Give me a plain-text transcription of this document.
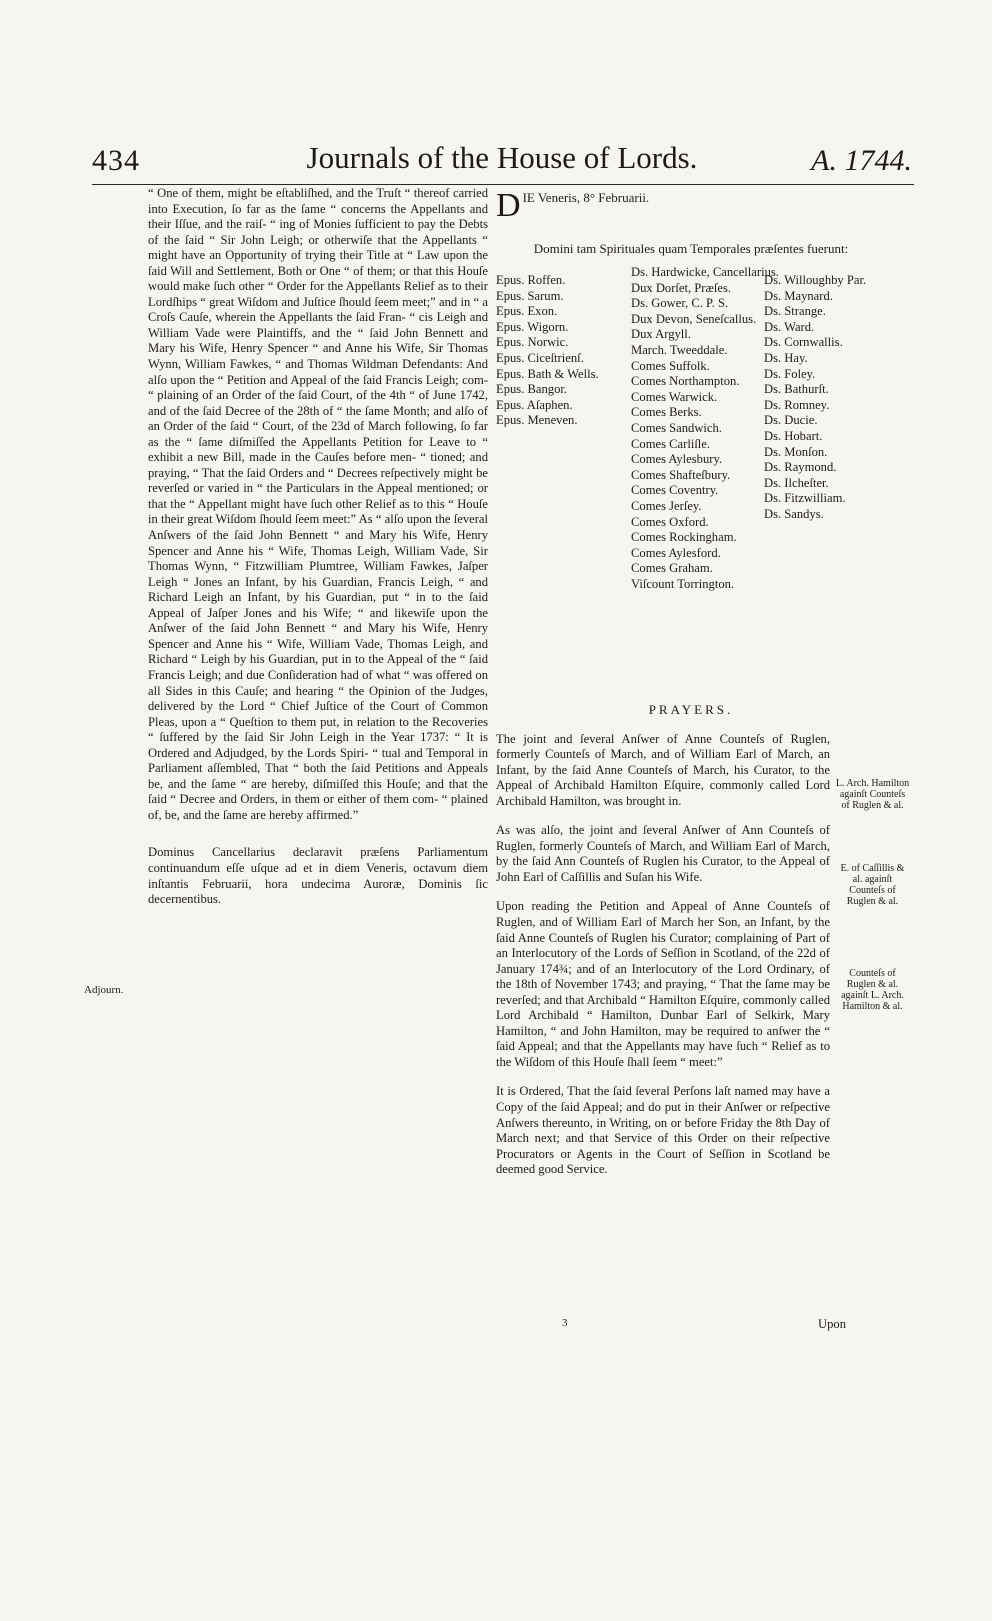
434	Journals of the House of Lords.	A. 1744.

“ One of them, might be eſtabliſhed, and the Truſt “ thereof carried into Execution, ſo far as the ſame “ concerns the Appellants and their Iſſue, and the raiſ- “ ing of Monies ſufficient to pay the Debts of the ſaid “ Sir John Leigh; or otherwiſe that the Appellants “ might have an Opportunity of trying their Title at “ Law upon the ſaid Will and Settlement, Both or One “ of them; or that this Houſe would make ſuch other “ Order for the Appellants Relief as to their Lordſhips “ great Wiſdom and Juſtice ſhould ſeem meet;” and in “ a Croſs Cauſe, wherein the Appellants the ſaid Fran- “ cis Leigh and William Vade were Plaintiffs, and the “ ſaid John Bennett and Mary his Wife, Henry Spencer “ and Anne his Wife, Sir Thomas Wynn, William Fawkes, “ and Thomas Wildman Defendants: And alſo upon the “ Petition and Appeal of the ſaid Francis Leigh; com- “ plaining of an Order of the ſaid Court, of the 4th “ of June 1742, and of the ſaid Decree of the 28th of “ the ſame Month; and alſo of an Order of the ſaid “ Court, of the 23d of March following, ſo far as the “ ſame diſmiſſed the Appellants Petition for Leave to “ exhibit a new Bill, made in the Cauſes before men- “ tioned; and praying, “ That the ſaid Orders and “ Decrees reſpectively might be reverſed or varied in “ the Particulars in the Appeal mentioned; or that the “ Appellant might have ſuch other Relief as to this “ Houſe in their great Wiſdom ſhould ſeem meet:” As “ alſo upon the ſeveral Anſwers of the ſaid John Bennett “ and Mary his Wife, Henry Spencer and Anne his “ Wife, Thomas Leigh, William Vade, Sir Thomas Wynn, “ Fitzwilliam Plumtree, William Fawkes, Jaſper Leigh “ Jones an Infant, by his Guardian, Francis Leigh, “ and Richard Leigh an Infant, by his Guardian, put “ in to the ſaid Appeal of Jaſper Jones and his Wife; “ and likewiſe upon the Anſwer of the ſaid John Bennett “ and Mary his Wife, Henry Spencer and Anne his “ Wife, William Vade, Thomas Leigh, and Richard “ Leigh by his Guardian, put in to the Appeal of the “ ſaid Francis Leigh; and due Conſideration had of what “ was offered on all Sides in this Cauſe; and hearing “ the Opinion of the Judges, delivered by the Lord “ Chief Juſtice of the Court of Common Pleas, upon a “ Queſtion to them put, in relation to the Recoveries “ ſuffered by the ſaid Sir John Leigh in the Year 1737: “ It is Ordered and Adjudged, by the Lords Spiri- “ tual and Temporal in Parliament aſſembled, That “ both the ſaid Petitions and Appeals be, and the ſame “ are hereby, diſmiſſed this Houſe; and that the ſaid “ Decree and Orders, in them or either of them com- “ plained of, be, and the ſame are hereby affirmed.”

Dominus Cancellarius declaravit præſens Parliamentum continuandum eſſe uſque ad et in diem Veneris, octavum diem inſtantis Februarii, hora undecima Auroræ, Dominis ſic decernentibus.

Adjourn.
D IE Veneris, 8° Februarii.
Domini tam Spirituales quam Temporales præſentes fuerunt:
Epus. Roffen.
Epus. Sarum.
Epus. Exon.
Epus. Wigorn.
Epus. Norwic.
Epus. Ciceſtrienſ.
Epus. Bath & Wells.
Epus. Bangor.
Epus. Aſaphen.
Epus. Meneven.
Ds. Hardwicke, Cancellarius.
Dux Dorſet, Præſes.
Ds. Gower, C. P. S.
Dux Devon, Seneſcallus.
Dux Argyll.
March. Tweeddale.
Comes Suffolk.
Comes Northampton.
Comes Warwick.
Comes Berks.
Comes Sandwich.
Comes Carliſle.
Comes Aylesbury.
Comes Shafteſbury.
Comes Coventry.
Comes Jerſey.
Comes Oxford.
Comes Rockingham.
Comes Aylesford.
Comes Graham.
Viſcount Torrington.
Ds. Willoughby Par.
Ds. Maynard.
Ds. Strange.
Ds. Ward.
Ds. Cornwallis.
Ds. Hay.
Ds. Foley.
Ds. Bathurſt.
Ds. Romney.
Ds. Ducie.
Ds. Hobart.
Ds. Monſon.
Ds. Raymond.
Ds. Ilcheſter.
Ds. Fitzwilliam.
Ds. Sandys.
PRAYERS.

The joint and ſeveral Anſwer of Anne Counteſs of Ruglen, formerly Counteſs of March, and of William Earl of March, an Infant, by the ſaid Anne Counteſs of March, his Curator, to the Appeal of Archibald Hamilton Eſquire, commonly called Lord Archibald Hamilton, was brought in.

As was alſo, the joint and ſeveral Anſwer of Ann Counteſs of Ruglen, formerly Counteſs of March, and William Earl of March, by the ſaid Ann Counteſs of Ruglen his Curator, to the Appeal of John Earl of Caſſillis and Suſan his Wife.

Upon reading the Petition and Appeal of Anne Counteſs of Ruglen, and of William Earl of March her Son, an Infant, by the ſaid Anne Counteſs of Ruglen his Curator; complaining of Part of an Interlocutory of the Lords of Seſſion in Scotland, of the 22d of January 174¾; and of an Interlocutory of the Lord Ordinary, of the 18th of November 1743; and praying, “ That the ſame may be reverſed; and that Archibald “ Hamilton Eſquire, commonly called Lord Archibald “ Hamilton, Dunbar Earl of Selkirk, Mary Hamilton, “ and John Hamilton, may be required to anſwer the “ ſaid Appeal; and that the Appellants may have ſuch “ Relief as to the Wiſdom of this Houſe ſhall ſeem “ meet:”

It is Ordered, That the ſaid ſeveral Perſons laſt named may have a Copy of the ſaid Appeal; and do put in their Anſwer or reſpective Anſwers thereunto, in Writing, on or before Friday the 8th Day of March next; and that Service of this Order on their reſpective Procurators or Agents in the Court of Seſſion in Scotland be deemed good Service.

L. Arch. Hamilton againſt Counteſs of Ruglen & al.
E. of Caſſillis & al. againſt Counteſs of Ruglen & al.
Counteſs of Ruglen & al. againſt L. Arch. Hamilton & al.
3	Upon
